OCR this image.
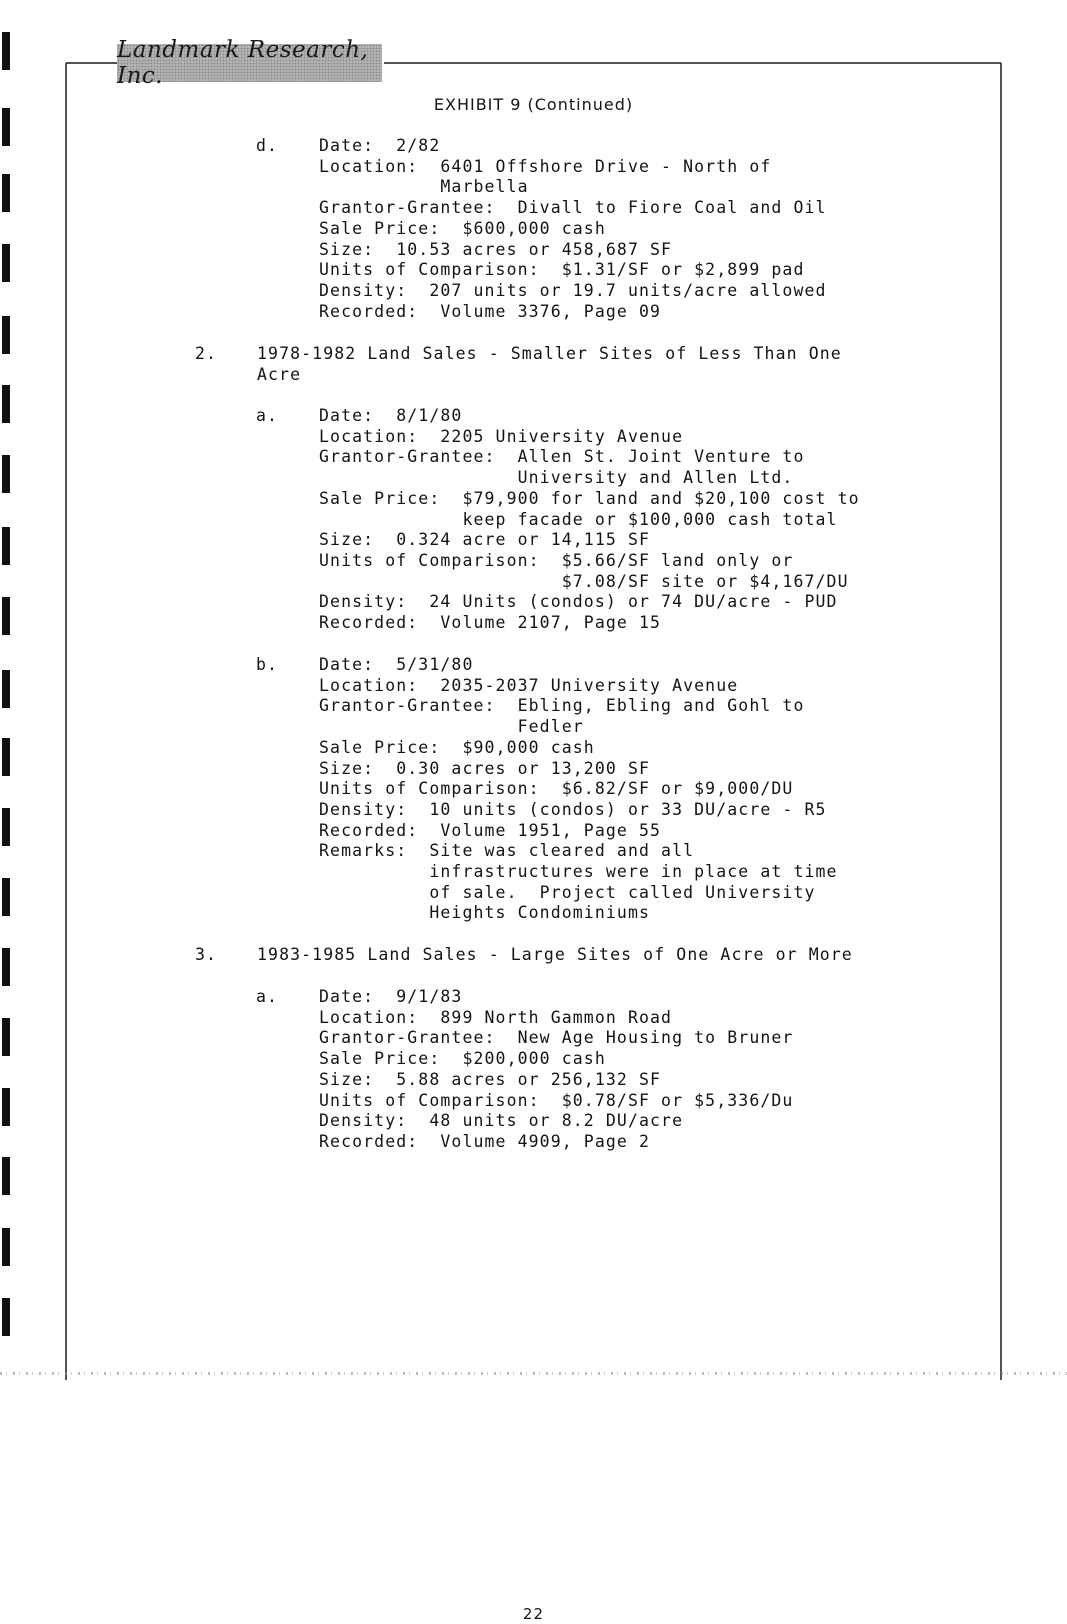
Landmark Research, Inc.
EXHIBIT 9 (Continued)
d. Date:  2/82
Location:  6401 Offshore Drive - North of
Marbella
Grantor-Grantee:  Divall to Fiore Coal and Oil
Sale Price:  $600,000 cash
Size:  10.53 acres or 458,687 SF
Units of Comparison:  $1.31/SF or $2,899 pad
Density:  207 units or 19.7 units/acre allowed
Recorded:  Volume 3376, Page 09
2. 1978-1982 Land Sales - Smaller Sites of Less Than One
Acre
a. Date:  8/1/80
Location:  2205 University Avenue
Grantor-Grantee:  Allen St. Joint Venture to
University and Allen Ltd.
Sale Price:  $79,900 for land and $20,100 cost to
keep facade or $100,000 cash total
Size:  0.324 acre or 14,115 SF
Units of Comparison:  $5.66/SF land only or
$7.08/SF site or $4,167/DU
Density:  24 Units (condos) or 74 DU/acre - PUD
Recorded:  Volume 2107, Page 15
b. Date:  5/31/80
Location:  2035-2037 University Avenue
Grantor-Grantee:  Ebling, Ebling and Gohl to
Fedler
Sale Price:  $90,000 cash
Size:  0.30 acres or 13,200 SF
Units of Comparison:  $6.82/SF or $9,000/DU
Density:  10 units (condos) or 33 DU/acre - R5
Recorded:  Volume 1951, Page 55
Remarks:  Site was cleared and all
infrastructures were in place at time
of sale.  Project called University
Heights Condominiums
3. 1983-1985 Land Sales - Large Sites of One Acre or More
a. Date:  9/1/83
Location:  899 North Gammon Road
Grantor-Grantee:  New Age Housing to Bruner
Sale Price:  $200,000 cash
Size:  5.88 acres or 256,132 SF
Units of Comparison:  $0.78/SF or $5,336/Du
Density:  48 units or 8.2 DU/acre
Recorded:  Volume 4909, Page 2
22
